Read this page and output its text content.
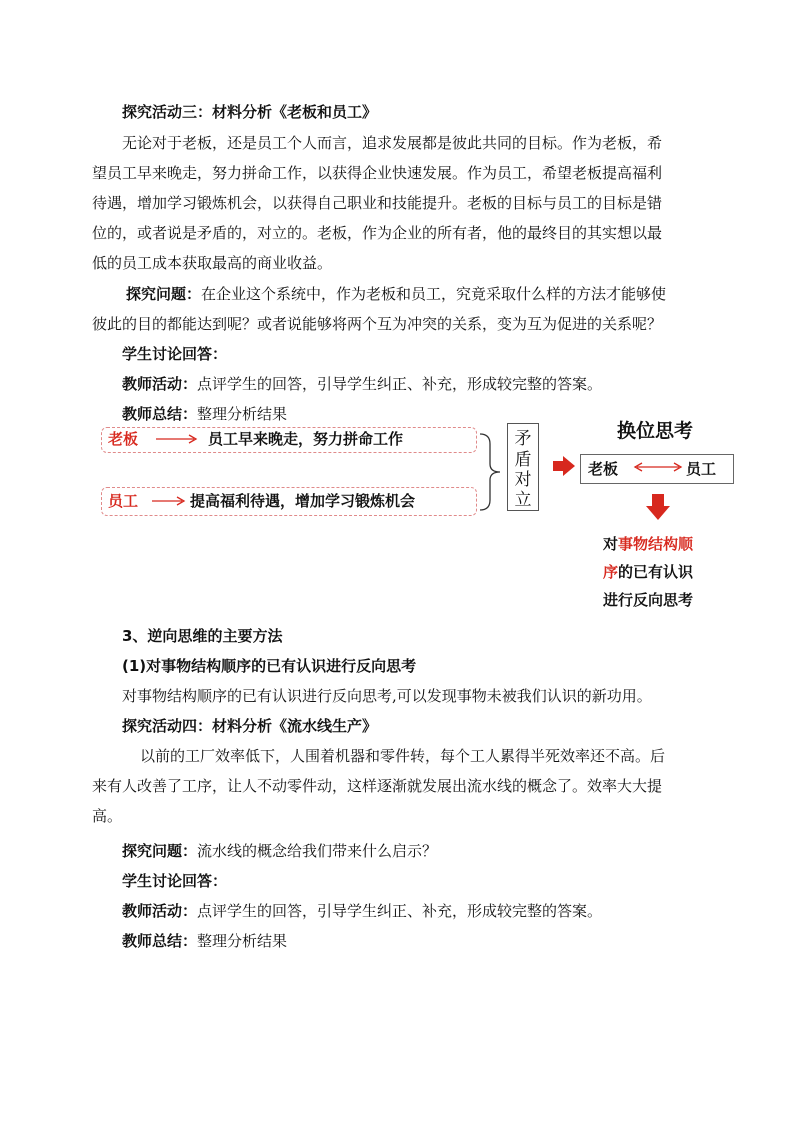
探究活动三：材料分析《老板和员工》
无论对于老板，还是员工个人而言，追求发展都是彼此共同的目标。作为老板，希
望员工早来晚走，努力拼命工作，以获得企业快速发展。作为员工，希望老板提高福利
待遇，增加学习锻炼机会，以获得自己职业和技能提升。老板的目标与员工的目标是错
位的，或者说是矛盾的，对立的。老板，作为企业的所有者，他的最终目的其实想以最
低的员工成本获取最高的商业收益。
探究问题：在企业这个系统中，作为老板和员工，究竟采取什么样的方法才能够使
彼此的目的都能达到呢？或者说能够将两个互为冲突的关系，变为互为促进的关系呢？
学生讨论回答：
教师活动：点评学生的回答，引导学生纠正、补充，形成较完整的答案。
教师总结：整理分析结果
老板	员工早来晚走，努力拼命工作
员工	提高福利待遇，增加学习锻炼机会
矛
盾
对
立
换位思考
老板	员工
对事物结构顺
序的已有认识
进行反向思考
3、逆向思维的主要方法
(1)对事物结构顺序的已有认识进行反向思考
对事物结构顺序的已有认识进行反向思考,可以发现事物未被我们认识的新功用。
探究活动四：材料分析《流水线生产》
以前的工厂效率低下，人围着机器和零件转，每个工人累得半死效率还不高。后
来有人改善了工序，让人不动零件动，这样逐渐就发展出流水线的概念了。效率大大提
高。
探究问题：流水线的概念给我们带来什么启示？
学生讨论回答：
教师活动：点评学生的回答，引导学生纠正、补充，形成较完整的答案。
教师总结：整理分析结果
